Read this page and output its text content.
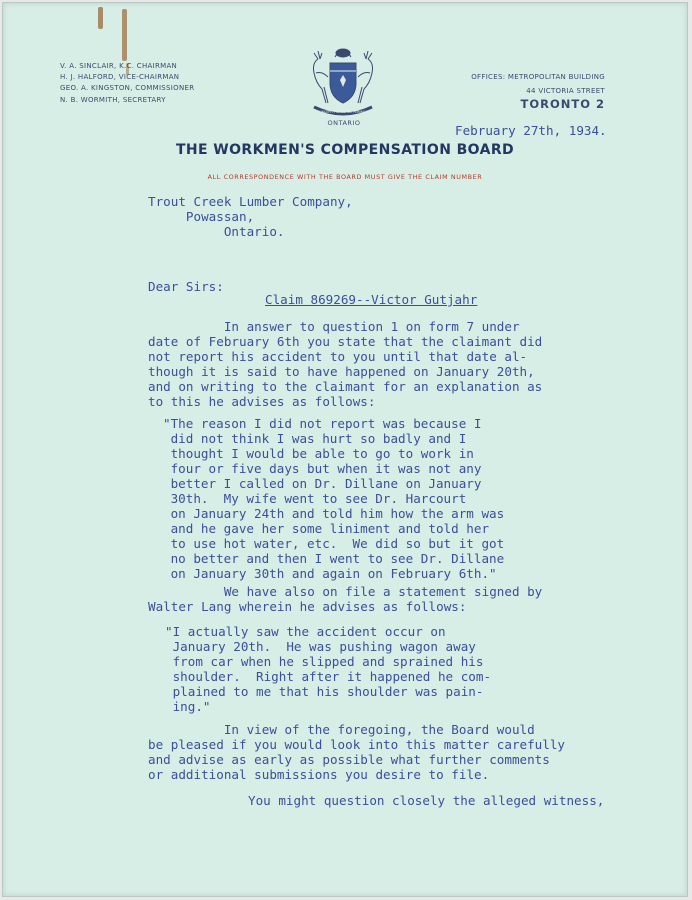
V. A. SINCLAIR, K.C. CHAIRMAN
H. J. HALFORD, VICE-CHAIRMAN
GEO. A. KINGSTON, COMMISSIONER
N. B. WORMITH, SECRETARY
UT INCEPIT FIDELIS SIC PERMANET
ONTARIO
OFFICES: METROPOLITAN BUILDING
44 VICTORIA STREET
TORONTO 2
THE WORKMEN'S COMPENSATION BOARD
ALL CORRESPONDENCE WITH THE BOARD MUST GIVE THE CLAIM NUMBER

February 27th, 1934.

Trout Creek Lumber Company,
Powassan,
Ontario.

Dear Sirs:

Claim 869269--Victor Gutjahr

In answer to question 1 on form 7 under
date of February 6th you state that the claimant did
not report his accident to you until that date al-
though it is said to have happened on January 20th,
and on writing to the claimant for an explanation as
to this he advises as follows:

"The reason I did not report was because I
did not think I was hurt so badly and I
thought I would be able to go to work in
four or five days but when it was not any
better I called on Dr. Dillane on January
30th.  My wife went to see Dr. Harcourt
on January 24th and told him how the arm was
and he gave her some liniment and told her
to use hot water, etc.  We did so but it got
no better and then I went to see Dr. Dillane
on January 30th and again on February 6th."

We have also on file a statement signed by
Walter Lang wherein he advises as follows:

"I actually saw the accident occur on
January 20th.  He was pushing wagon away
from car when he slipped and sprained his
shoulder.  Right after it happened he com-
plained to me that his shoulder was pain-
ing."

In view of the foregoing, the Board would
be pleased if you would look into this matter carefully
and advise as early as possible what further comments
or additional submissions you desire to file.

You might question closely the alleged witness,
